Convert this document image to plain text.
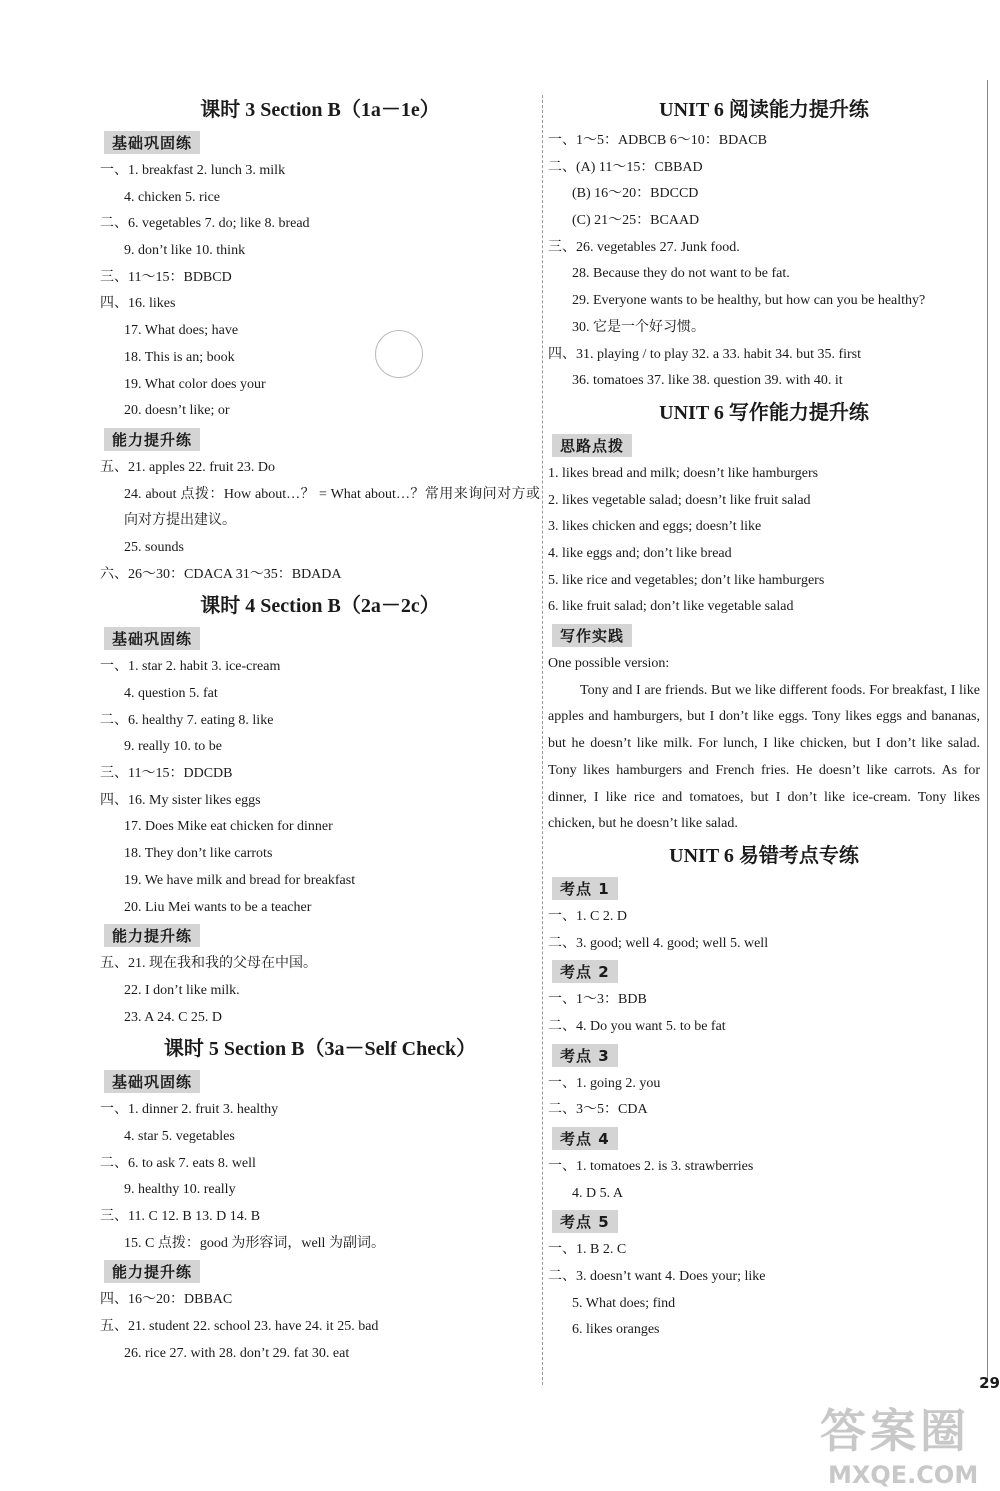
课时 3 Section B（1a－1e）
基础巩固练
一、1. breakfast 2. lunch 3. milk
4. chicken 5. rice
二、6. vegetables 7. do; like 8. bread
9. don’t like 10. think
三、11～15：BDBCD
四、16. likes
17. What does; have
18. This is an; book
19. What color does your
20. doesn’t like; or
能力提升练
五、21. apples 22. fruit 23. Do
24. about 点拨：How about…？ = What about…？常用来询问对方或向对方提出建议。
25. sounds
六、26～30：CDACA 31～35：BDADA
课时 4 Section B（2a－2c）
基础巩固练
一、1. star 2. habit 3. ice-cream
4. question 5. fat
二、6. healthy 7. eating 8. like
9. really 10. to be
三、11～15：DDCDB
四、16. My sister likes eggs
17. Does Mike eat chicken for dinner
18. They don’t like carrots
19. We have milk and bread for breakfast
20. Liu Mei wants to be a teacher
能力提升练
五、21. 现在我和我的父母在中国。
22. I don’t like milk.
23. A 24. C 25. D
课时 5 Section B（3a－Self Check）
基础巩固练
一、1. dinner 2. fruit 3. healthy
4. star 5. vegetables
二、6. to ask 7. eats 8. well
9. healthy 10. really
三、11. C 12. B 13. D 14. B
15. C 点拨：good 为形容词，well 为副词。
能力提升练
四、16～20：DBBAC
五、21. student 22. school 23. have 24. it 25. bad
26. rice 27. with 28. don’t 29. fat 30. eat
UNIT 6 阅读能力提升练
一、1～5：ADBCB 6～10：BDACB
二、(A) 11～15：CBBAD
(B) 16～20：BDCCD
(C) 21～25：BCAAD
三、26. vegetables 27. Junk food.
28. Because they do not want to be fat.
29. Everyone wants to be healthy, but how can you be healthy?
30. 它是一个好习惯。
四、31. playing / to play 32. a 33. habit 34. but 35. first
36. tomatoes 37. like 38. question 39. with 40. it
UNIT 6 写作能力提升练
思路点拨
1. likes bread and milk; doesn’t like hamburgers
2. likes vegetable salad; doesn’t like fruit salad
3. likes chicken and eggs; doesn’t like
4. like eggs and; don’t like bread
5. like rice and vegetables; don’t like hamburgers
6. like fruit salad; don’t like vegetable salad
写作实践
One possible version:
Tony and I are friends. But we like different foods. For breakfast, I like apples and hamburgers, but I don’t like eggs. Tony likes eggs and bananas, but he doesn’t like milk. For lunch, I like chicken, but I don’t like salad. Tony likes hamburgers and French fries. He doesn’t like carrots. As for dinner, I like rice and tomatoes, but I don’t like ice-cream. Tony likes chicken, but he doesn’t like salad.
UNIT 6 易错考点专练
考点 1
一、1. C 2. D
二、3. good; well 4. good; well 5. well
考点 2
一、1～3：BDB
二、4. Do you want 5. to be fat
考点 3
一、1. going 2. you
二、3～5：CDA
考点 4
一、1. tomatoes 2. is 3. strawberries
4. D 5. A
考点 5
一、1. B 2. C
二、3. doesn’t want 4. Does your; like
5. What does; find
6. likes oranges
29
答案圈
MXQE.COM
